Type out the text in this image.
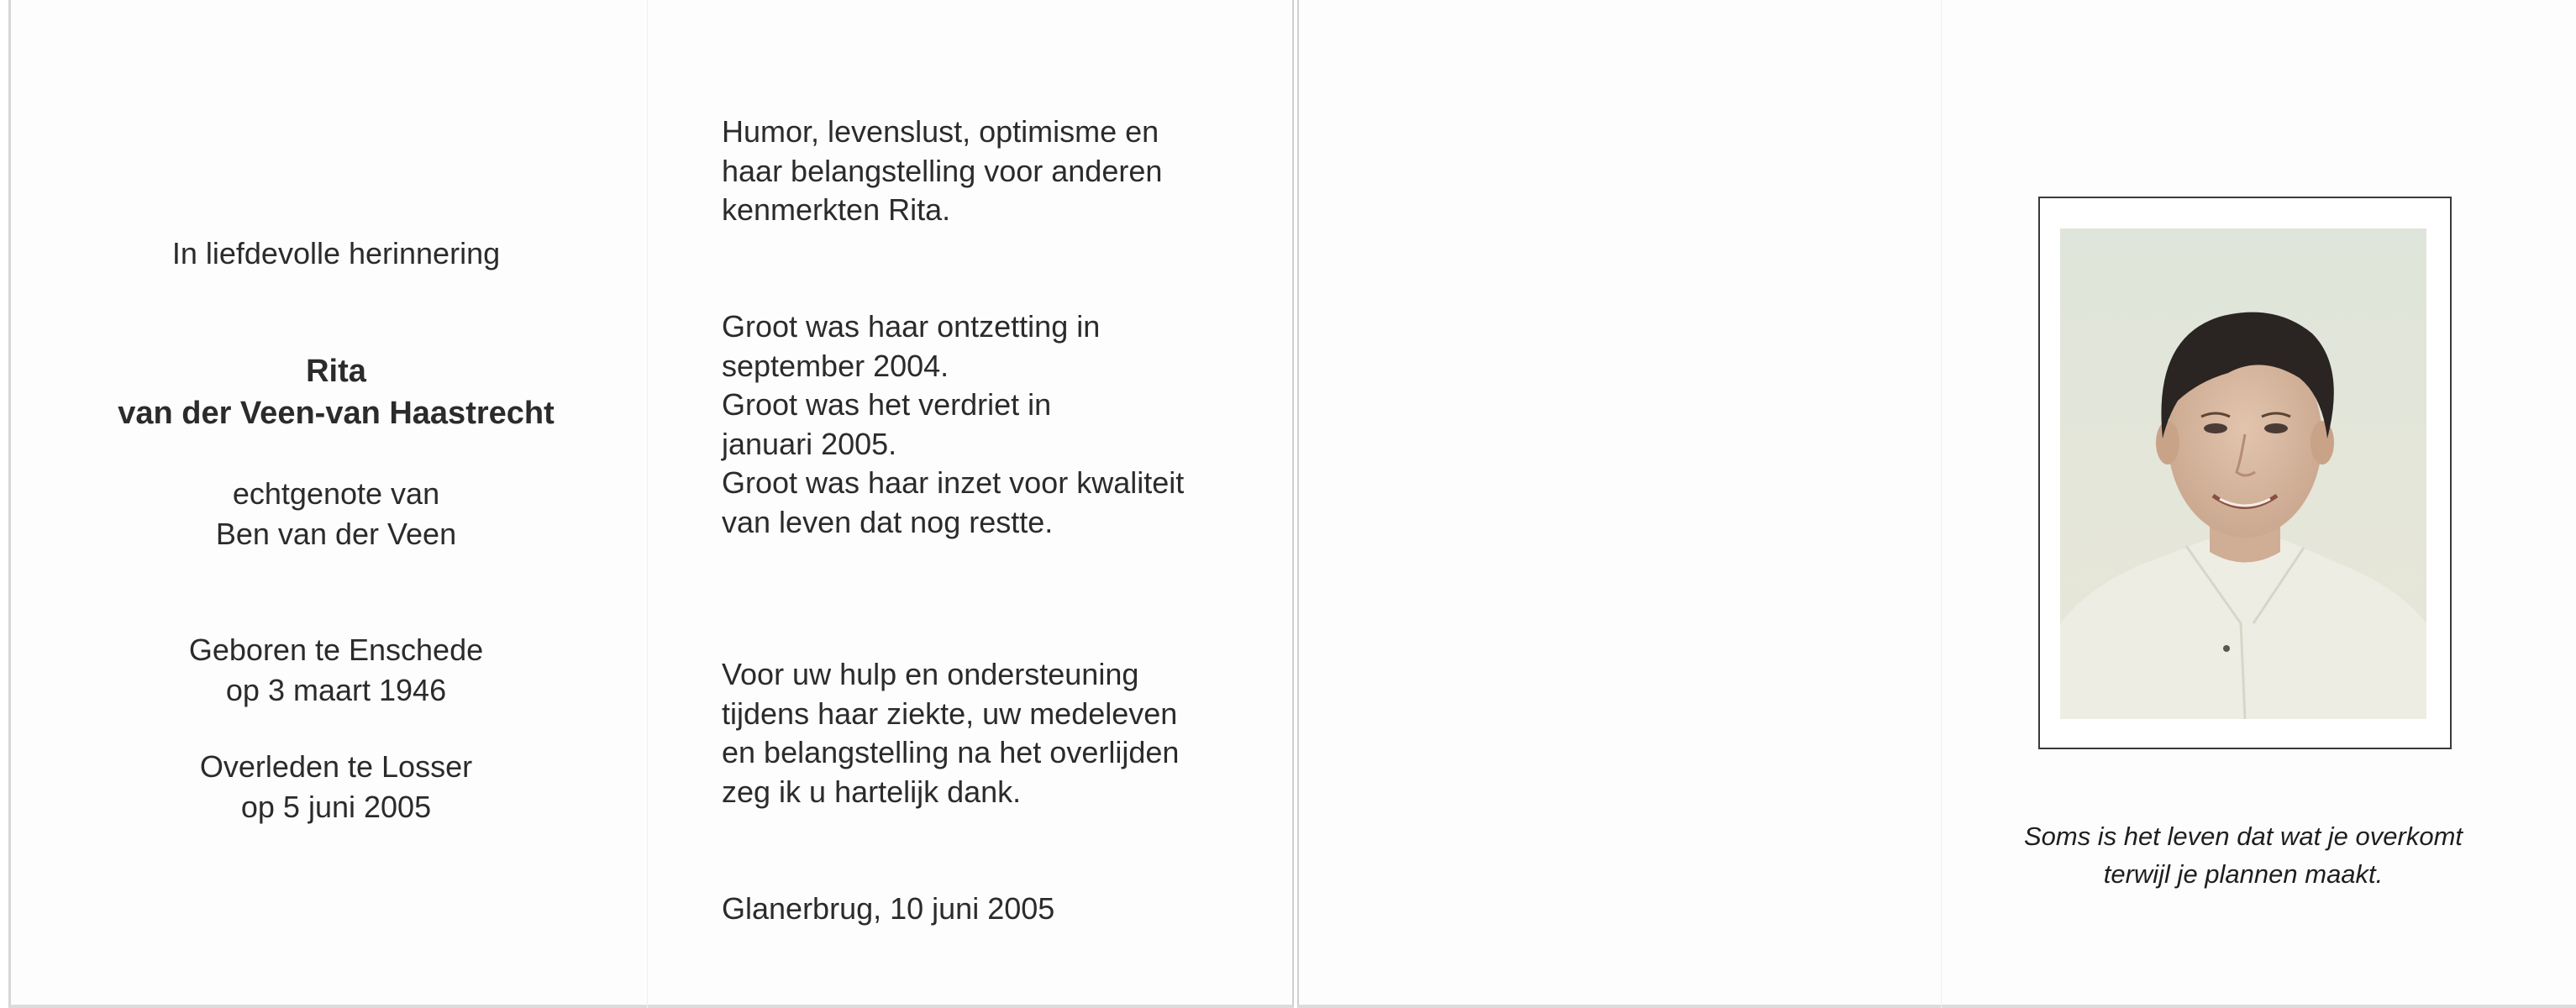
In liefdevolle herinnering
Rita
van der Veen-van Haastrecht
echtgenote van
Ben van der Veen
Geboren te Enschede
op 3 maart 1946
Overleden te Losser
op 5 juni 2005
Humor, levenslust, optimisme en
haar belangstelling voor anderen
kenmerkten Rita.
Groot was haar ontzetting in
september 2004.
Groot was het verdriet in
januari 2005.
Groot was haar inzet voor kwaliteit
van leven dat nog restte.
Voor uw hulp en ondersteuning
tijdens haar ziekte, uw medeleven
en belangstelling na het overlijden
zeg ik u hartelijk dank.
Glanerbrug, 10 juni 2005
Soms is het leven dat wat je overkomt
terwijl je plannen maakt.
